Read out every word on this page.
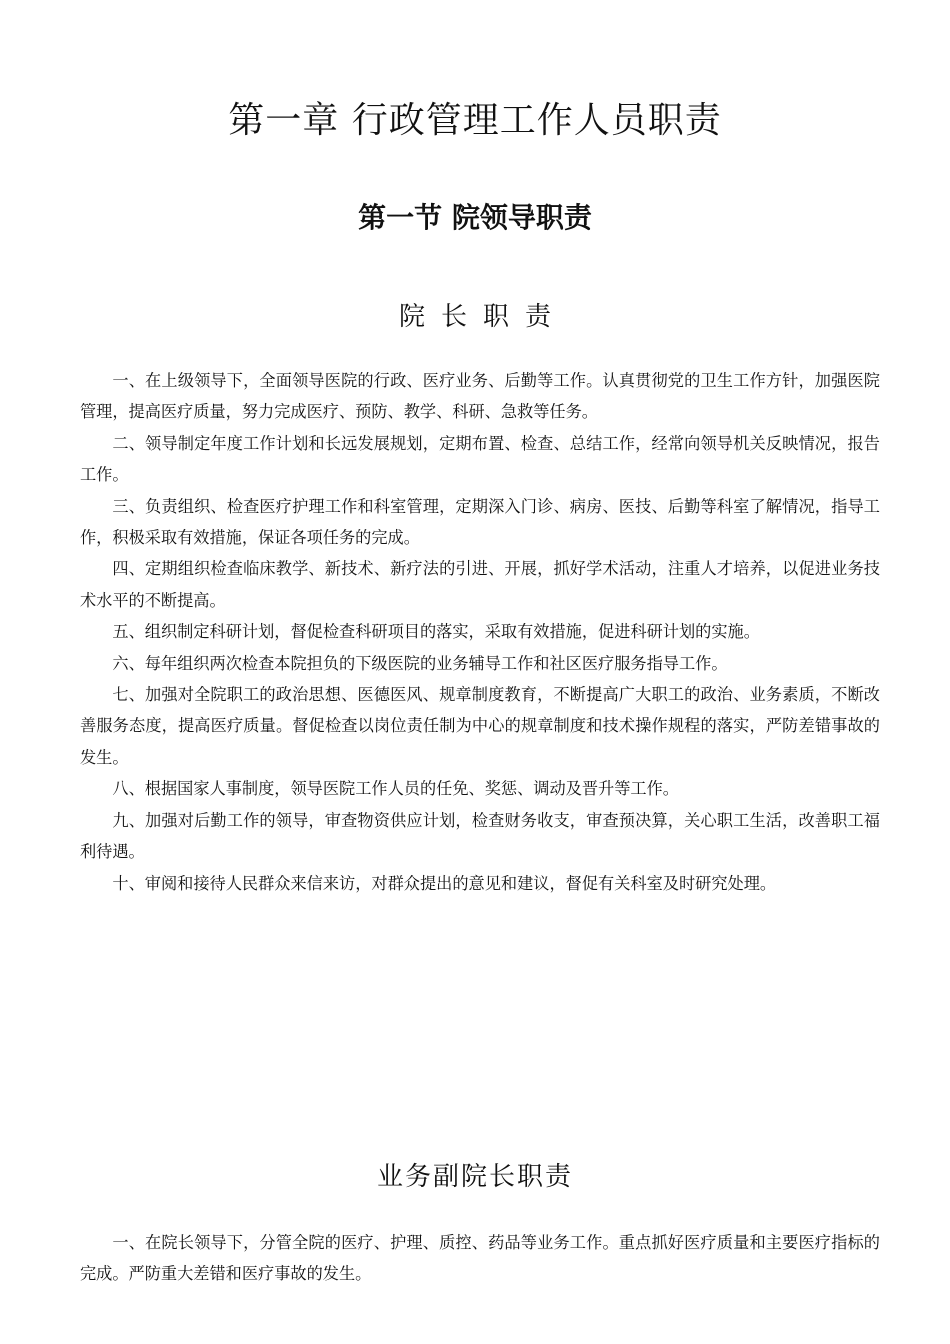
第一章 行政管理工作人员职责
第一节 院领导职责
院长职责

一、在上级领导下，全面领导医院的行政、医疗业务、后勤等工作。认真贯彻党的卫生工作方针，加强医院管理，提高医疗质量，努力完成医疗、预防、教学、科研、急救等任务。

二、领导制定年度工作计划和长远发展规划，定期布置、检查、总结工作，经常向领导机关反映情况，报告工作。

三、负责组织、检查医疗护理工作和科室管理，定期深入门诊、病房、医技、后勤等科室了解情况，指导工作，积极采取有效措施，保证各项任务的完成。

四、定期组织检查临床教学、新技术、新疗法的引进、开展，抓好学术活动，注重人才培养，以促进业务技术水平的不断提高。

五、组织制定科研计划，督促检查科研项目的落实，采取有效措施，促进科研计划的实施。

六、每年组织两次检查本院担负的下级医院的业务辅导工作和社区医疗服务指导工作。

七、加强对全院职工的政治思想、医德医风、规章制度教育，不断提高广大职工的政治、业务素质，不断改善服务态度，提高医疗质量。督促检查以岗位责任制为中心的规章制度和技术操作规程的落实，严防差错事故的发生。

八、根据国家人事制度，领导医院工作人员的任免、奖惩、调动及晋升等工作。

九、加强对后勤工作的领导，审查物资供应计划，检查财务收支，审查预决算，关心职工生活，改善职工福利待遇。

十、审阅和接待人民群众来信来访，对群众提出的意见和建议，督促有关科室及时研究处理。

业务副院长职责

一、在院长领导下，分管全院的医疗、护理、质控、药品等业务工作。重点抓好医疗质量和主要医疗指标的完成。严防重大差错和医疗事故的发生。
